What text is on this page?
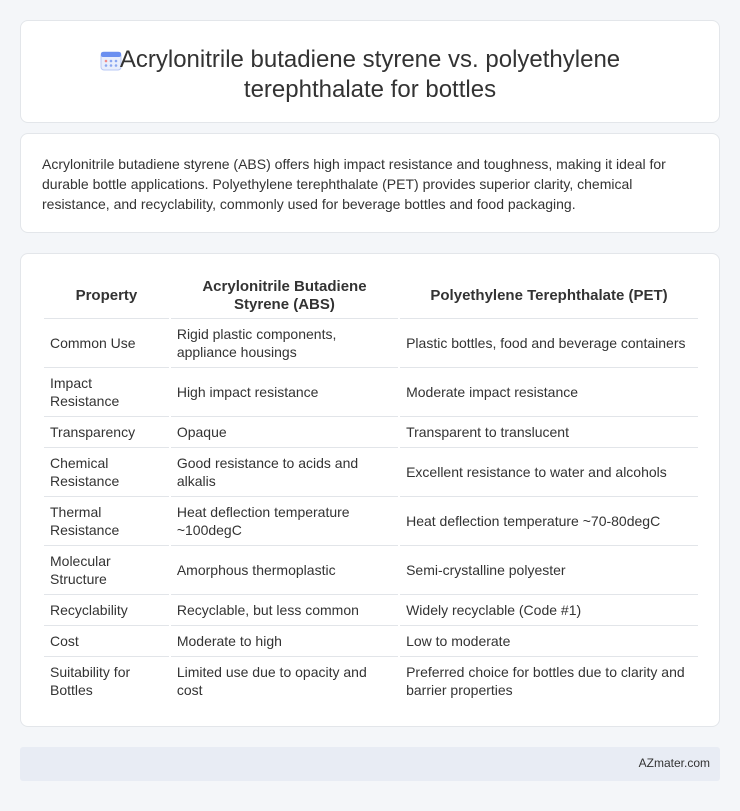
Acrylonitrile butadiene styrene vs. polyethylene terephthalate for bottles

Acrylonitrile butadiene styrene (ABS) offers high impact resistance and toughness, making it ideal for durable bottle applications. Polyethylene terephthalate (PET) provides superior clarity, chemical resistance, and recyclability, commonly used for beverage bottles and food packaging.

Property	Acrylonitrile Butadiene Styrene (ABS)	Polyethylene Terephthalate (PET)
Common Use	Rigid plastic components, appliance housings	Plastic bottles, food and beverage containers
Impact Resistance	High impact resistance	Moderate impact resistance
Transparency	Opaque	Transparent to translucent
Chemical Resistance	Good resistance to acids and alkalis	Excellent resistance to water and alcohols
Thermal Resistance	Heat deflection temperature ~100degC	Heat deflection temperature ~70-80degC
Molecular Structure	Amorphous thermoplastic	Semi-crystalline polyester
Recyclability	Recyclable, but less common	Widely recyclable (Code #1)
Cost	Moderate to high	Low to moderate
Suitability for Bottles	Limited use due to opacity and cost	Preferred choice for bottles due to clarity and barrier properties
AZmater.com
